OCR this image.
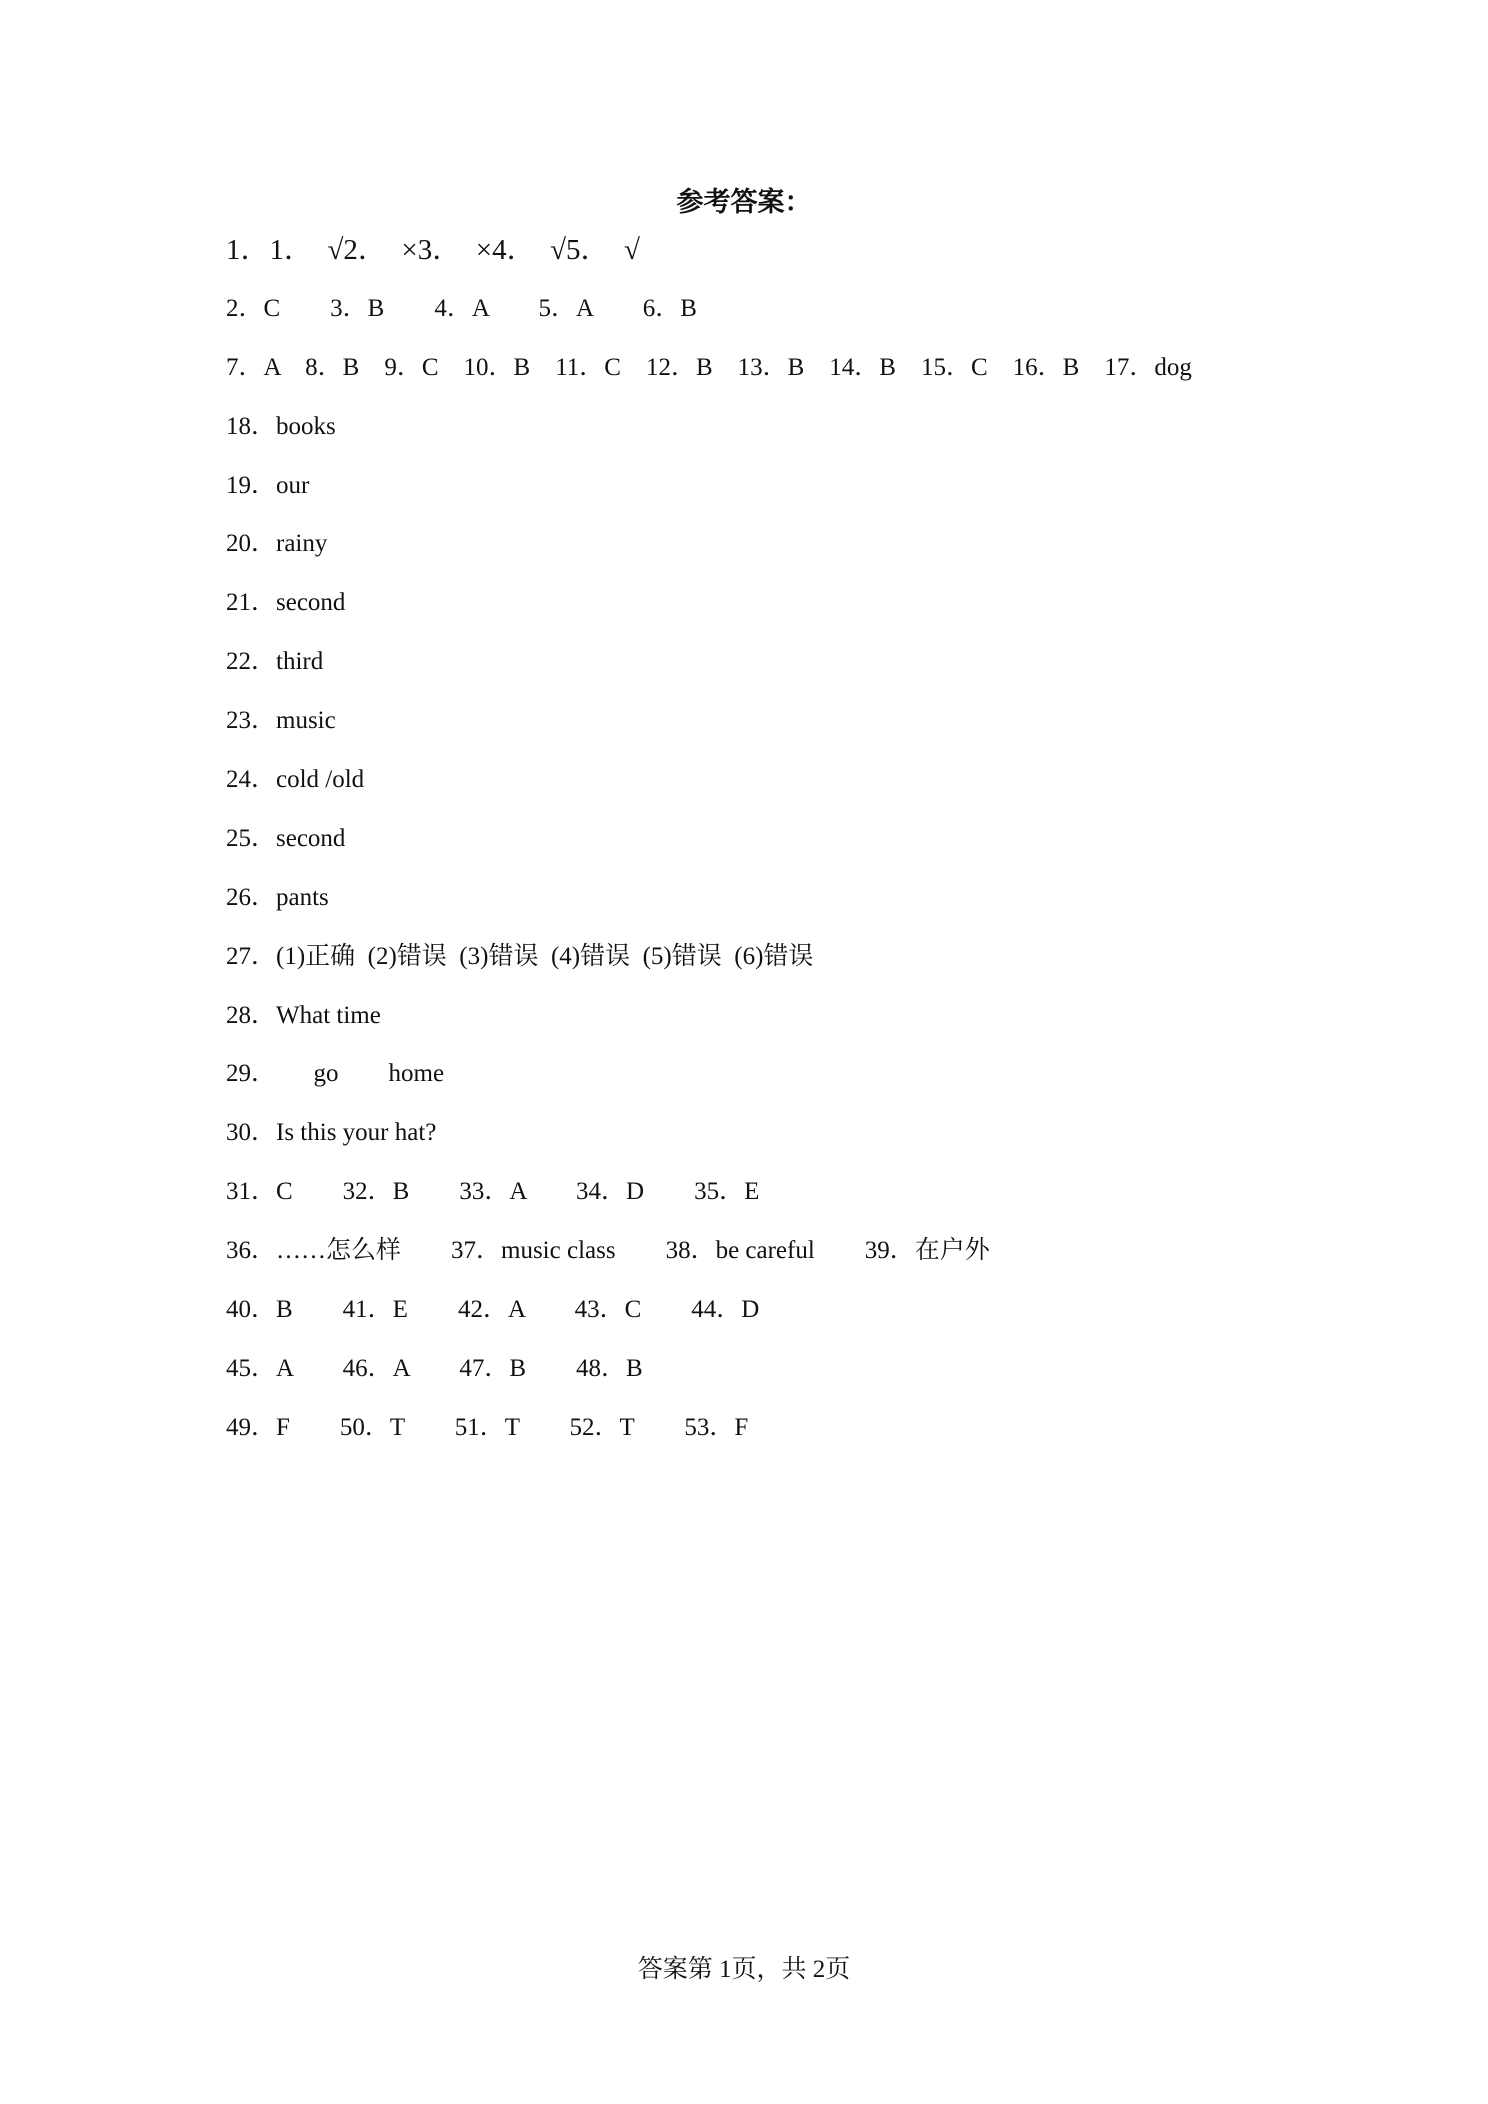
参考答案：
1．1．　√2．　×3．　×4．　√5．　√
2．C　　3．B　　4．A　　5．A　　6．B
7．A　8．B　9．C　10．B　11．C　12．B　13．B　14．B　15．C　16．B　17．dog
18．books
19．our
20．rainy
21．second
22．third
23．music
24．cold /old
25．second
26．pants
27．(1)正确  (2)错误  (3)错误  (4)错误  (5)错误  (6)错误
28．What time
29．　　go　　home
30．Is this your hat?
31．C　　32．B　　33．A　　34．D　　35．E
36．……怎么样　　37．music class　　38．be careful　　39．在户外
40．B　　41．E　　42．A　　43．C　　44．D
45．A　　46．A　　47．B　　48．B
49．F　　50．T　　51．T　　52．T　　53．F
答案第 1页，共 2页
